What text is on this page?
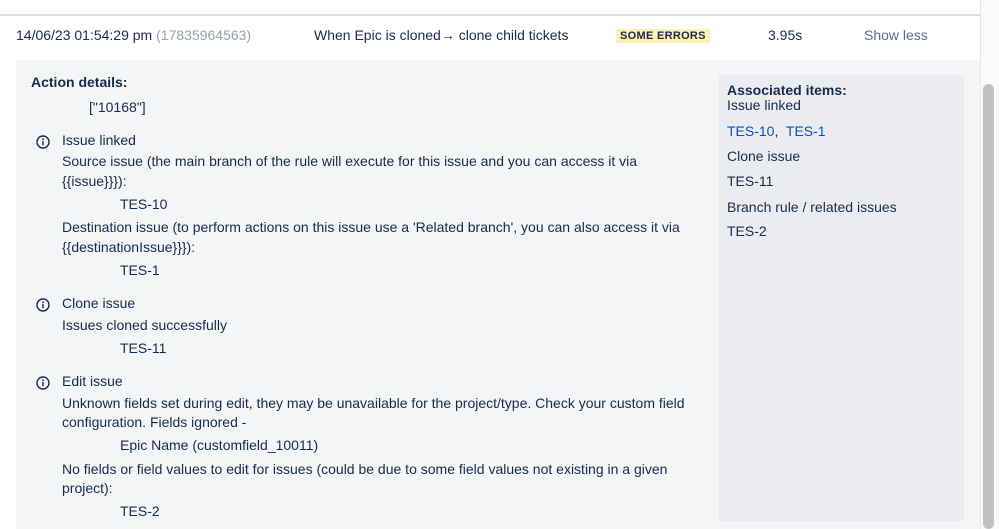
14/06/23 01:54:29 pm (17835964563)	When Epic is cloned→ clone child tickets	SOME ERRORS	3.95s	Show less
Action details:
["10168"]
Issue linked
Source issue (the main branch of the rule will execute for this issue and you can access it via
{{issue}}}):
TES-10
Destination issue (to perform actions on this issue use a 'Related branch', you can also access it via
{{destinationIssue}}}):
TES-1
Clone issue
Issues cloned successfully
TES-11
Edit issue
Unknown fields set during edit, they may be unavailable for the project/type. Check your custom field
configuration. Fields ignored -
Epic Name (customfield_10011)
No fields or field values to edit for issues (could be due to some field values not existing in a given
project):
TES-2
Associated items:
Issue linked
TES-10, TES-1
Clone issue
TES-11
Branch rule / related issues
TES-2
